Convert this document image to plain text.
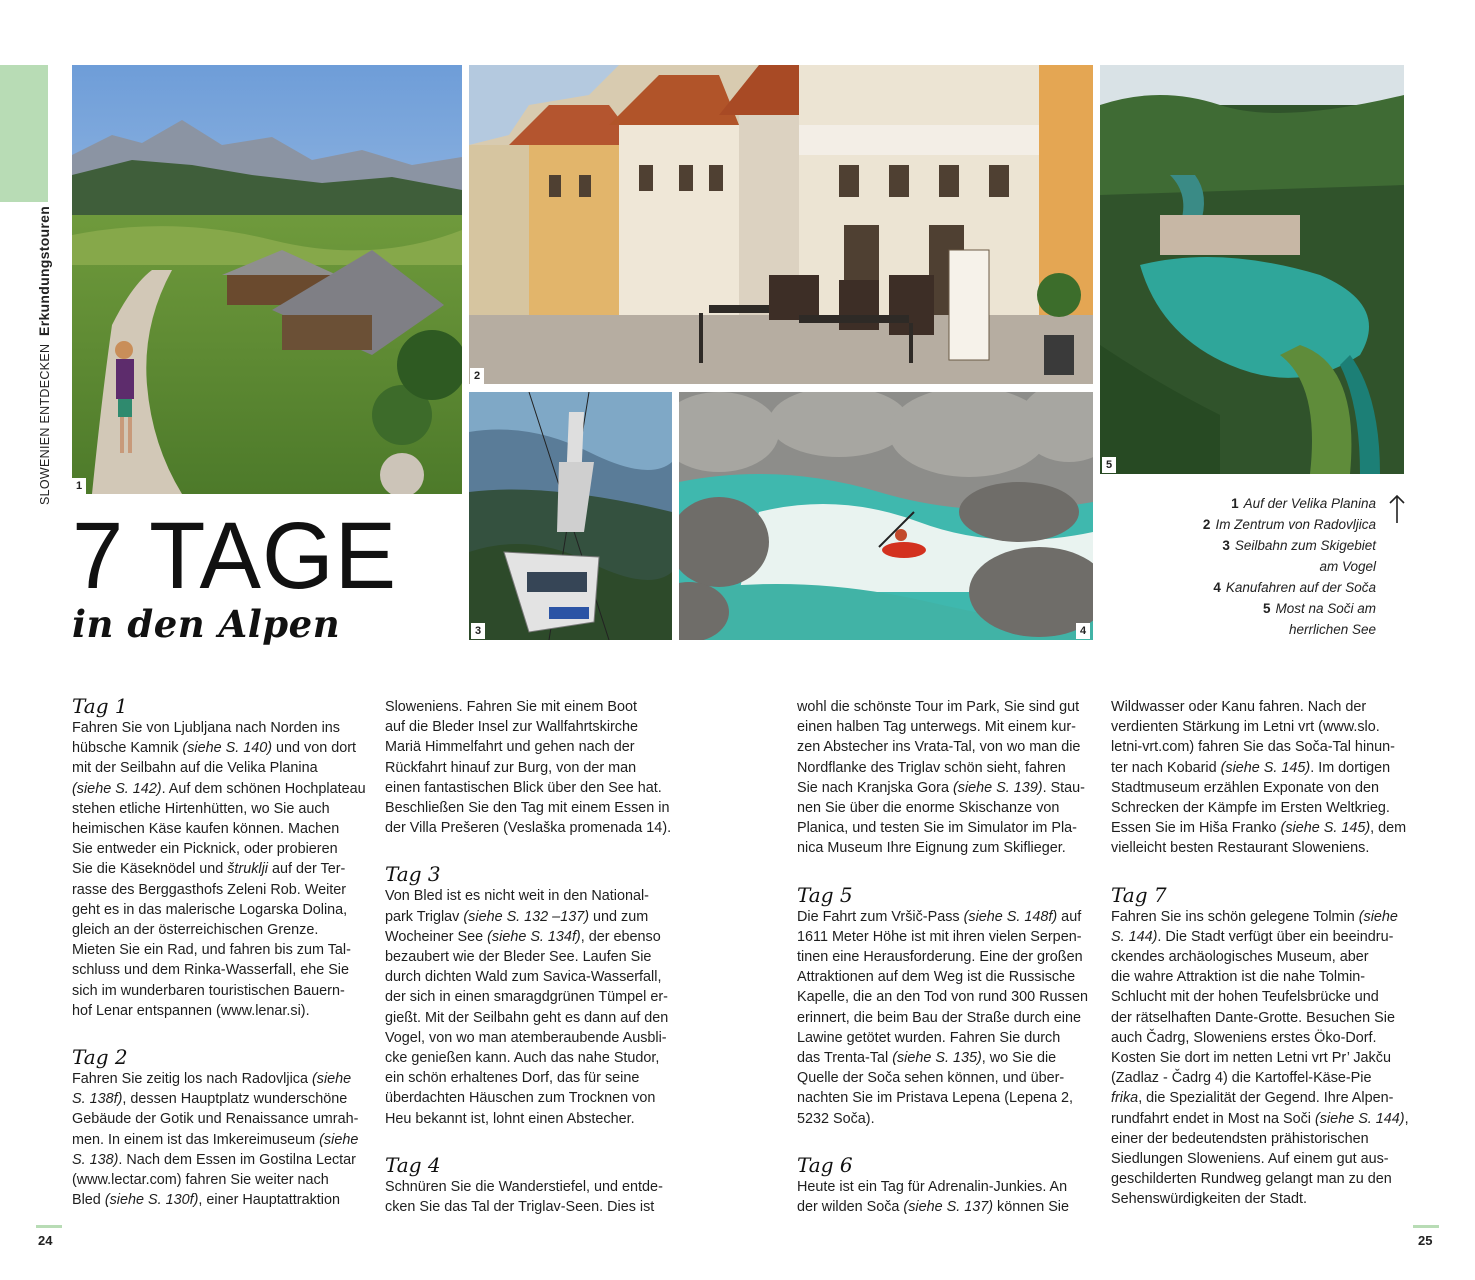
SLOWENIEN ENTDECKEN Erkundungstouren
1
2
3	4
5
7 TAGE
in den Alpen
1 Auf der Velika Planina
2 Im Zentrum von Radovljica
3 Seilbahn zum Skigebiet
am Vogel
4 Kanufahren auf der Soča
5 Most na Soči am
herrlichen See
Tag 1

Fahren Sie von Ljubljana nach Norden ins
hübsche Kamnik (siehe S. 140) und von dort
mit der Seilbahn auf die Velika Planina
(siehe S. 142). Auf dem schönen Hochplateau
stehen etliche Hirtenhütten, wo Sie auch
heimischen Käse kaufen können. Machen
Sie entweder ein Picknick, oder probieren
Sie die Käseknödel und štruklji auf der Ter-
rasse des Berggasthofs Zeleni Rob. Weiter
geht es in das malerische Logarska Dolina,
gleich an der österreichischen Grenze.
Mieten Sie ein Rad, und fahren bis zum Tal-
schluss und dem Rinka-Wasserfall, ehe Sie
sich im wunderbaren touristischen Bauern-
hof Lenar entspannen (www.lenar.si).

Tag 2

Fahren Sie zeitig los nach Radovljica (siehe
S. 138f), dessen Hauptplatz wunderschöne
Gebäude der Gotik und Renaissance umrah-
men. In einem ist das Imkereimuseum (siehe
S. 138). Nach dem Essen im Gostilna Lectar
(www.lectar.com) fahren Sie weiter nach
Bled (siehe S. 130f), einer Hauptattraktion

Sloweniens. Fahren Sie mit einem Boot
auf die Bleder Insel zur Wallfahrtskirche
Mariä Himmelfahrt und gehen nach der
Rückfahrt hinauf zur Burg, von der man
einen fantastischen Blick über den See hat.
Beschließen Sie den Tag mit einem Essen in
der Villa Prešeren (Veslaška promenada 14).

Tag 3

Von Bled ist es nicht weit in den National-
park Triglav (siehe S. 132 –137) und zum
Wocheiner See (siehe S. 134f), der ebenso
bezaubert wie der Bleder See. Laufen Sie
durch dichten Wald zum Savica-Wasserfall,
der sich in einen smaragdgrünen Tümpel er-
gießt. Mit der Seilbahn geht es dann auf den
Vogel, von wo man atemberaubende Ausbli-
cke genießen kann. Auch das nahe Studor,
ein schön erhaltenes Dorf, das für seine
überdachten Häuschen zum Trocknen von
Heu bekannt ist, lohnt einen Abstecher.

Tag 4

Schnüren Sie die Wanderstiefel, und entde-
cken Sie das Tal der Triglav-Seen. Dies ist

wohl die schönste Tour im Park, Sie sind gut
einen halben Tag unterwegs. Mit einem kur-
zen Abstecher ins Vrata-Tal, von wo man die
Nordflanke des Triglav schön sieht, fahren
Sie nach Kranjska Gora (siehe S. 139). Stau-
nen Sie über die enorme Skischanze von
Planica, und testen Sie im Simulator im Pla-
nica Museum Ihre Eignung zum Skiflieger.

Tag 5

Die Fahrt zum Vršič-Pass (siehe S. 148f) auf
1611 Meter Höhe ist mit ihren vielen Serpen-
tinen eine Herausforderung. Eine der großen
Attraktionen auf dem Weg ist die Russische
Kapelle, die an den Tod von rund 300 Russen
erinnert, die beim Bau der Straße durch eine
Lawine getötet wurden. Fahren Sie durch
das Trenta-Tal (siehe S. 135), wo Sie die
Quelle der Soča sehen können, und über-
nachten Sie im Pristava Lepena (Lepena 2,
5232 Soča).

Tag 6

Heute ist ein Tag für Adrenalin-Junkies. An
der wilden Soča (siehe S. 137) können Sie

Wildwasser oder Kanu fahren. Nach der
verdienten Stärkung im Letni vrt (www.slo.
letni-vrt.com) fahren Sie das Soča-Tal hinun-
ter nach Kobarid (siehe S. 145). Im dortigen
Stadtmuseum erzählen Exponate von den
Schrecken der Kämpfe im Ersten Weltkrieg.
Essen Sie im Hiša Franko (siehe S. 145), dem
vielleicht besten Restaurant Sloweniens.

Tag 7

Fahren Sie ins schön gelegene Tolmin (siehe
S. 144). Die Stadt verfügt über ein beeindru-
ckendes archäologisches Museum, aber
die wahre Attraktion ist die nahe Tolmin-
Schlucht mit der hohen Teufelsbrücke und
der rätselhaften Dante-Grotte. Besuchen Sie
auch Čadrg, Sloweniens erstes Öko-Dorf.
Kosten Sie dort im netten Letni vrt Pr’ Jakču
(Zadlaz - Čadrg 4) die Kartoffel-Käse-Pie
frika, die Spezialität der Gegend. Ihre Alpen-
rundfahrt endet in Most na Soči (siehe S. 144),
einer der bedeutendsten prähistorischen
Siedlungen Sloweniens. Auf einem gut aus-
geschilderten Rundweg gelangt man zu den
Sehenswürdigkeiten der Stadt.

24	25
